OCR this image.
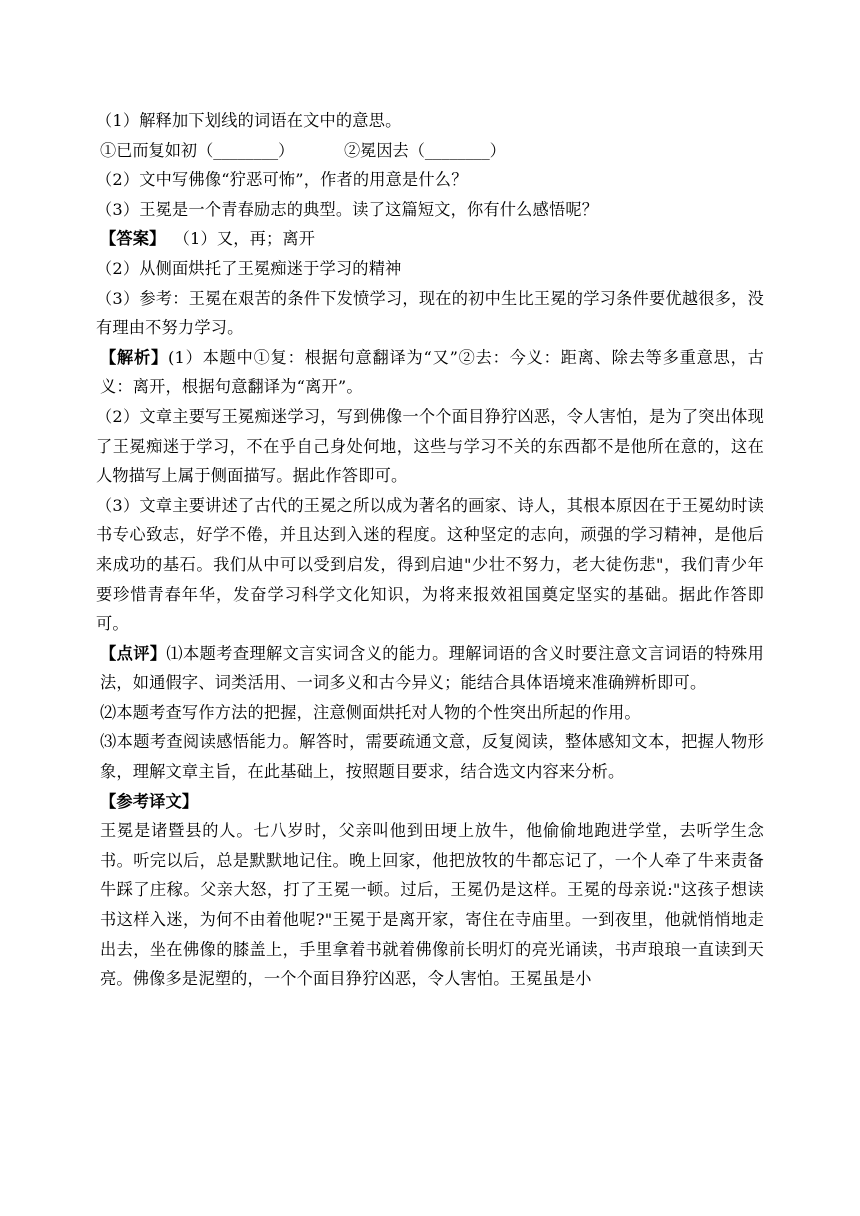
（1）解释加下划线的词语在文中的意思。

①已而复如初（________）	②冕因去（________）

（2）文中写佛像“狞恶可怖”，作者的用意是什么？

（3）王冕是一个青春励志的典型。读了这篇短文，你有什么感悟呢？

【答案】 （1）又，再；离开

（2）从侧面烘托了王冕痴迷于学习的精神

（3）参考：王冕在艰苦的条件下发愤学习，现在的初中生比王冕的学习条件要优越很多，没有理由不努力学习。

【解析】(1）本题中①复：根据句意翻译为“又”②去：今义：距离、除去等多重意思，古义：离开，根据句意翻译为“离开”。

（2）文章主要写王冕痴迷学习，写到佛像一个个面目狰狞凶恶，令人害怕，是为了突出体现了王冕痴迷于学习，不在乎自己身处何地，这些与学习不关的东西都不是他所在意的，这在人物描写上属于侧面描写。据此作答即可。

（3）文章主要讲述了古代的王冕之所以成为著名的画家、诗人，其根本原因在于王冕幼时读书专心致志，好学不倦，并且达到入迷的程度。这种坚定的志向，顽强的学习精神，是他后来成功的基石。我们从中可以受到启发，得到启迪"少壮不努力，老大徒伤悲"，我们青少年要珍惜青春年华，发奋学习科学文化知识，为将来报效祖国奠定坚实的基础。据此作答即可。

【点评】⑴本题考查理解文言实词含义的能力。理解词语的含义时要注意文言词语的特殊用法，如通假字、词类活用、一词多义和古今异义；能结合具体语境来准确辨析即可。

⑵本题考查写作方法的把握，注意侧面烘托对人物的个性突出所起的作用。

⑶本题考查阅读感悟能力。解答时，需要疏通文意，反复阅读，整体感知文本，把握人物形象，理解文章主旨，在此基础上，按照题目要求，结合选文内容来分析。

【参考译文】

王冕是诸暨县的人。七八岁时，父亲叫他到田埂上放牛，他偷偷地跑进学堂，去听学生念书。听完以后，总是默默地记住。晚上回家，他把放牧的牛都忘记了，一个人牵了牛来责备牛踩了庄稼。父亲大怒，打了王冕一顿。过后，王冕仍是这样。王冕的母亲说:"这孩子想读书这样入迷，为何不由着他呢?"王冕于是离开家，寄住在寺庙里。一到夜里，他就悄悄地走出去，坐在佛像的膝盖上，手里拿着书就着佛像前长明灯的亮光诵读，书声琅琅一直读到天亮。佛像多是泥塑的，一个个面目狰狞凶恶，令人害怕。王冕虽是小
